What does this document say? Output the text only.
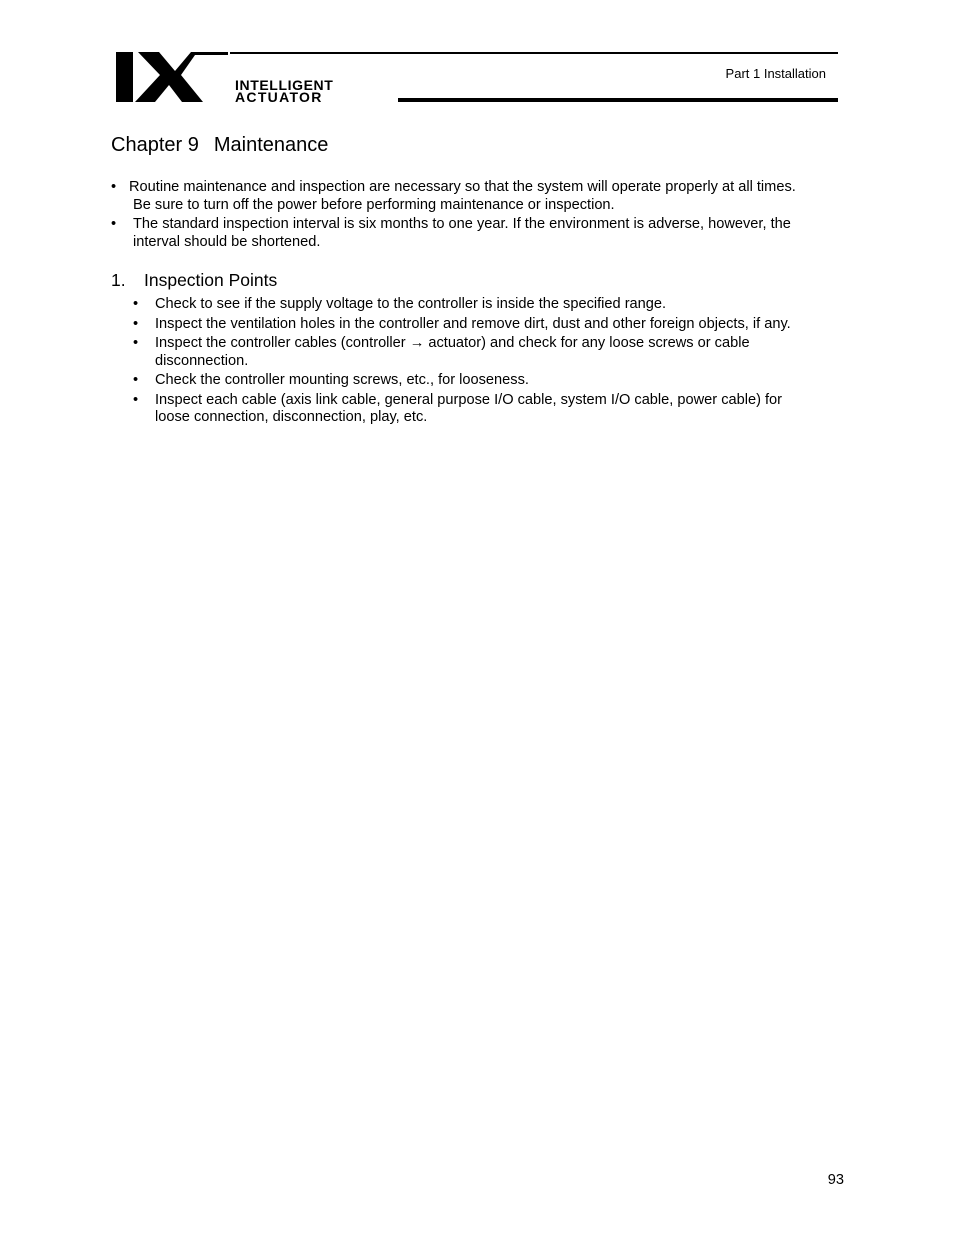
INTELLIGENT
ACTUATOR
Part 1 Installation
Chapter 9 Maintenance
• Routine maintenance and inspection are necessary so that the system will operate properly at all times.
Be sure to turn off the power before performing maintenance or inspection.
• The standard inspection interval is six months to one year. If the environment is adverse, however, the
interval should be shortened.
1. Inspection Points
• Check to see if the supply voltage to the controller is inside the specified range.
• Inspect the ventilation holes in the controller and remove dirt, dust and other foreign objects, if any.
• Inspect the controller cables (controller → actuator) and check for any loose screws or cable
disconnection.
• Check the controller mounting screws, etc., for looseness.
• Inspect each cable (axis link cable, general purpose I/O cable, system I/O cable, power cable) for
loose connection, disconnection, play, etc.
93
